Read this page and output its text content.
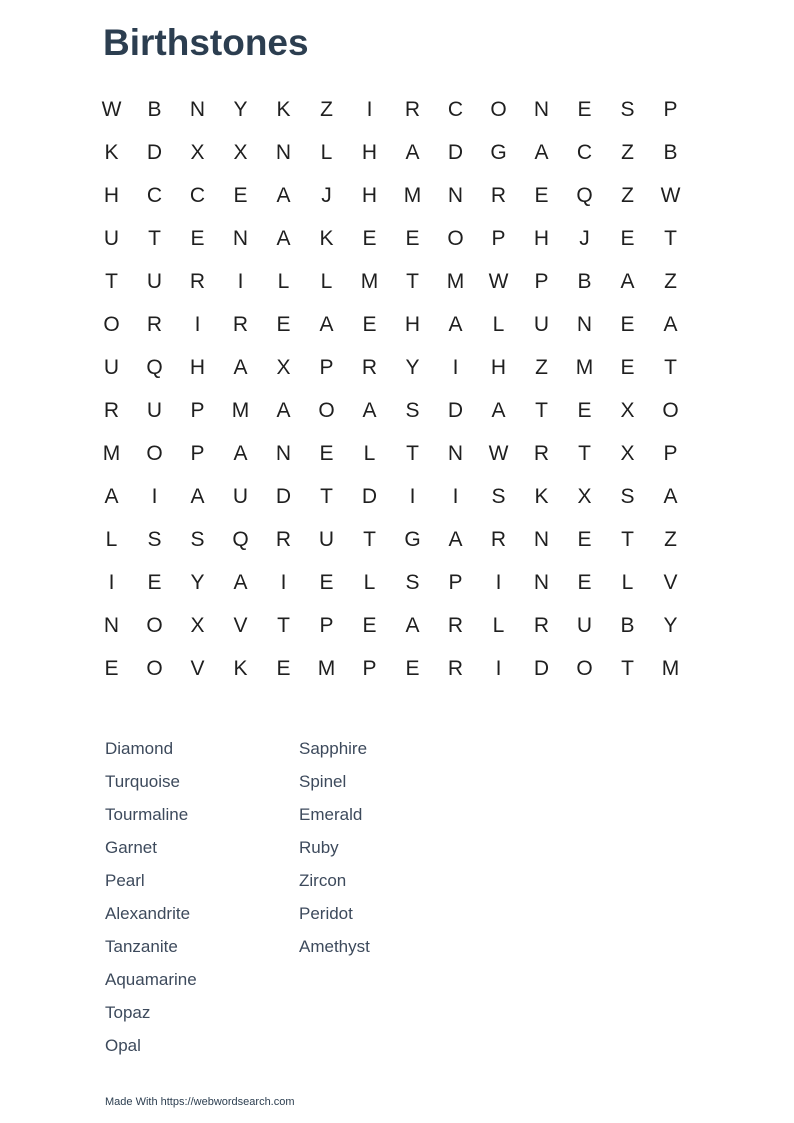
Birthstones
W	B	N	Y	K	Z	I	R	C	O	N	E	S	P
K	D	X	X	N	L	H	A	D	G	A	C	Z	B
H	C	C	E	A	J	H	M	N	R	E	Q	Z	W
U	T	E	N	A	K	E	E	O	P	H	J	E	T
T	U	R	I	L	L	M	T	M	W	P	B	A	Z
O	R	I	R	E	A	E	H	A	L	U	N	E	A
U	Q	H	A	X	P	R	Y	I	H	Z	M	E	T
R	U	P	M	A	O	A	S	D	A	T	E	X	O
M	O	P	A	N	E	L	T	N	W	R	T	X	P
A	I	A	U	D	T	D	I	I	S	K	X	S	A
L	S	S	Q	R	U	T	G	A	R	N	E	T	Z
I	E	Y	A	I	E	L	S	P	I	N	E	L	V
N	O	X	V	T	P	E	A	R	L	R	U	B	Y
E	O	V	K	E	M	P	E	R	I	D	O	T	M
Diamond
Turquoise
Tourmaline
Garnet
Pearl
Alexandrite
Tanzanite
Aquamarine
Topaz
Opal
Sapphire
Spinel
Emerald
Ruby
Zircon
Peridot
Amethyst
Made With https://webwordsearch.com
